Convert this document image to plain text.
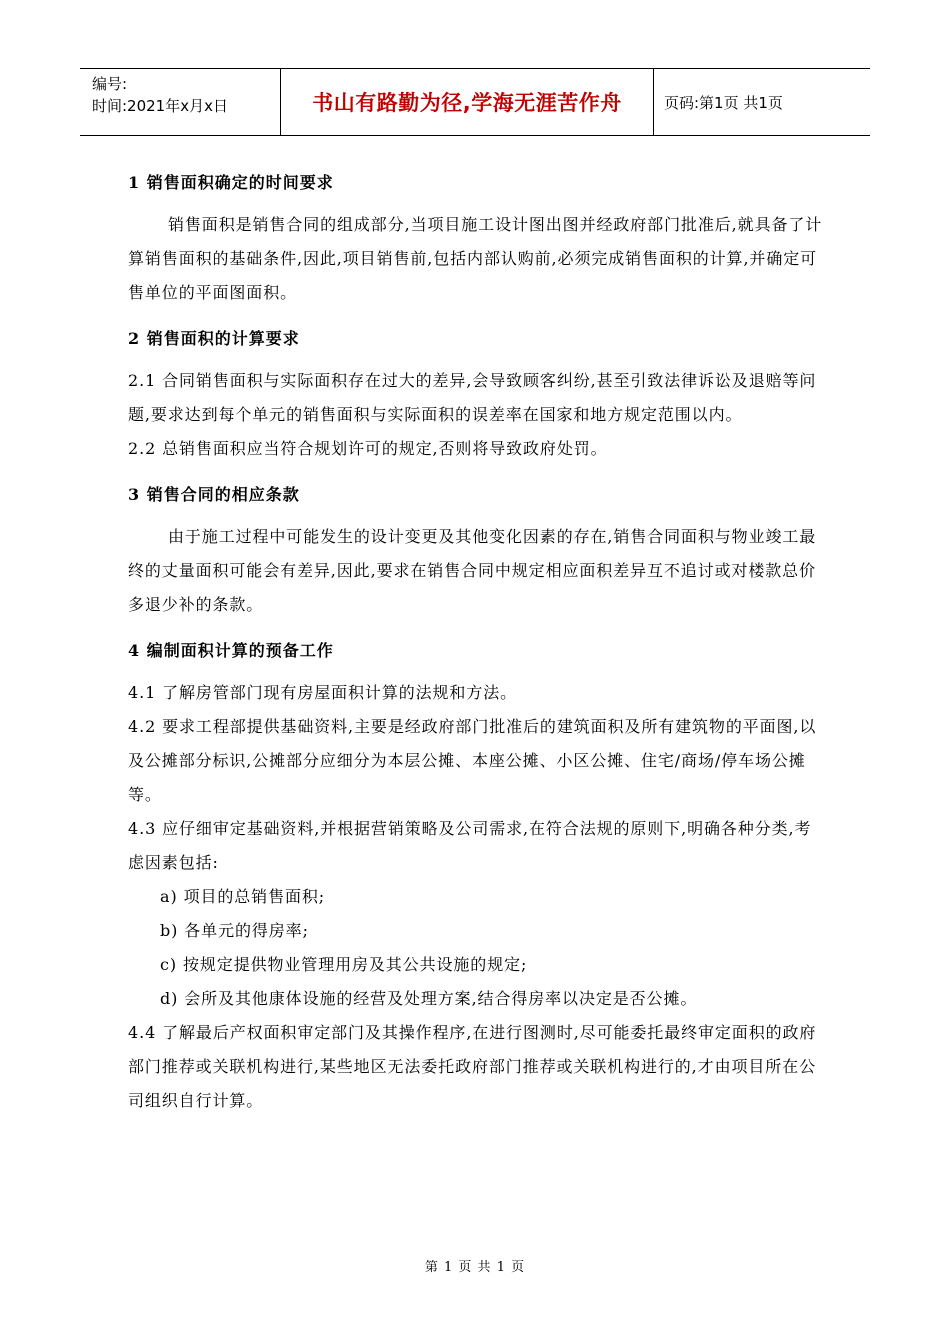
编号:
时间:2021年x月x日	书山有路勤为径,学海无涯苦作舟	页码:第1页 共1页

1 销售面积确定的时间要求

销售面积是销售合同的组成部分,当项目施工设计图出图并经政府部门批准后,就具备了计算销售面积的基础条件,因此,项目销售前,包括内部认购前,必须完成销售面积的计算,并确定可售单位的平面图面积。

2 销售面积的计算要求

2.1 合同销售面积与实际面积存在过大的差异,会导致顾客纠纷,甚至引致法律诉讼及退赔等问题,要求达到每个单元的销售面积与实际面积的误差率在国家和地方规定范围以内。

2.2 总销售面积应当符合规划许可的规定,否则将导致政府处罚。

3 销售合同的相应条款

由于施工过程中可能发生的设计变更及其他变化因素的存在,销售合同面积与物业竣工最终的丈量面积可能会有差异,因此,要求在销售合同中规定相应面积差异互不追讨或对楼款总价多退少补的条款。

4 编制面积计算的预备工作

4.1 了解房管部门现有房屋面积计算的法规和方法。

4.2 要求工程部提供基础资料,主要是经政府部门批准后的建筑面积及所有建筑物的平面图,以及公摊部分标识,公摊部分应细分为本层公摊、本座公摊、小区公摊、住宅/商场/停车场公摊等。

4.3 应仔细审定基础资料,并根据营销策略及公司需求,在符合法规的原则下,明确各种分类,考虑因素包括:

a) 项目的总销售面积;

b) 各单元的得房率;

c) 按规定提供物业管理用房及其公共设施的规定;

d) 会所及其他康体设施的经营及处理方案,结合得房率以决定是否公摊。

4.4 了解最后产权面积审定部门及其操作程序,在进行图测时,尽可能委托最终审定面积的政府部门推荐或关联机构进行,某些地区无法委托政府部门推荐或关联机构进行的,才由项目所在公司组织自行计算。

第 1 页 共 1 页
